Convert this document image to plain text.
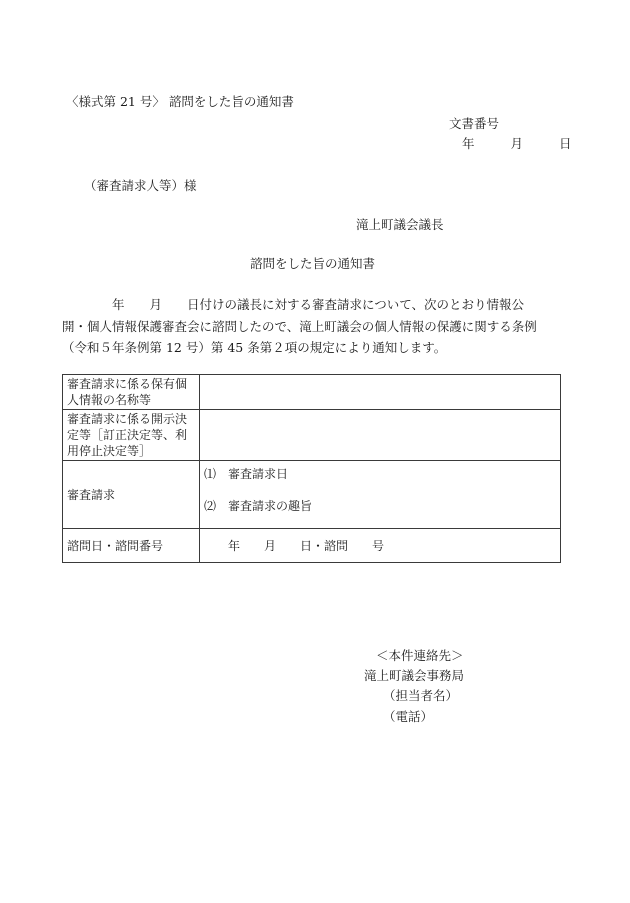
〈様式第 21 号〉 諮問をした旨の通知書
文書番号
年	月	日
（審査請求人等）様
滝上町議会議長
諮問をした旨の通知書
　　　　年　　月　　日付けの議長に対する審査請求について、次のとおり情報公
開・個人情報保護審査会に諮問したので、滝上町議会の個人情報の保護に関する条例
（令和５年条例第 12 号）第 45 条第２項の規定により通知します。
審査請求に係る保有個人情報の名称等	
審査請求に係る開示決定等［訂正決定等、利用停止決定等］	
審査請求	⑴ 審査請求日
⑵ 審査請求の趣旨

諮問日・諮問番号	年　　月　　日・諮問　　号
＜本件連絡先＞
滝上町議会事務局
（担当者名）
（電話）
